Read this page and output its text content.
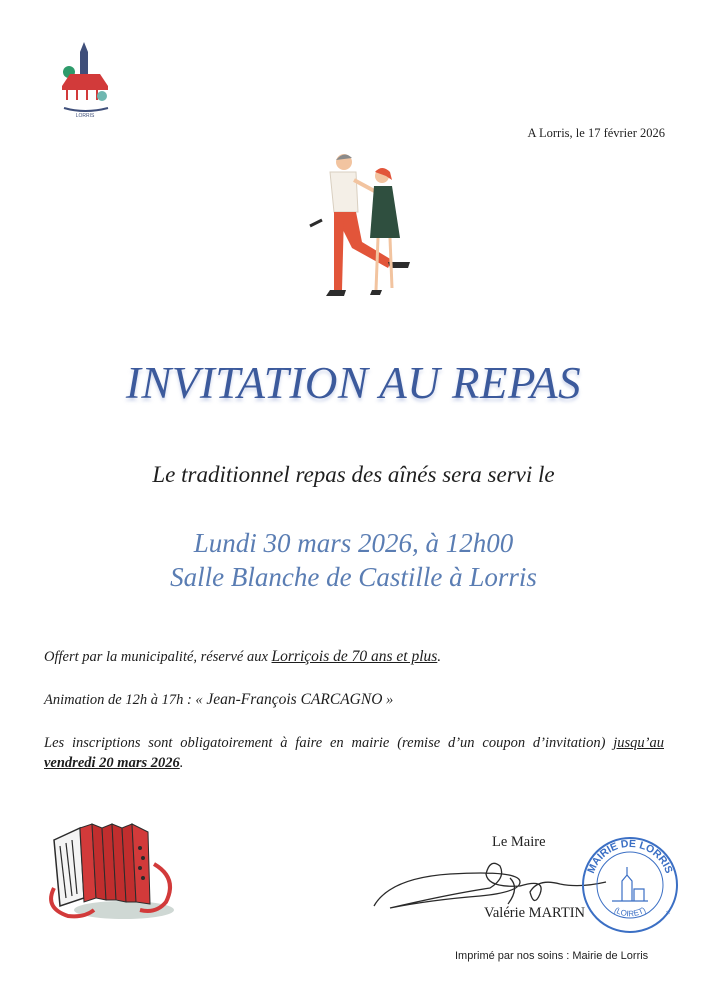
LORRIS
A Lorris, le 17 février 2026
INVITATION AU REPAS
Le traditionnel repas des aînés sera servi le
Lundi 30 mars 2026, à 12h00
Salle Blanche de Castille à Lorris
Offert par la municipalité, réservé aux Lorriçois de 70 ans et plus.
Animation de 12h à 17h : « Jean-François CARCAGNO »
Les inscriptions sont obligatoirement à faire en mairie (remise d’un coupon d’invitation) jusqu’au vendredi 20 mars 2026.
Le Maire
Valérie MARTIN
MAIRIE DE LORRIS
(LOIRET) *
Imprimé par nos soins : Mairie de Lorris
